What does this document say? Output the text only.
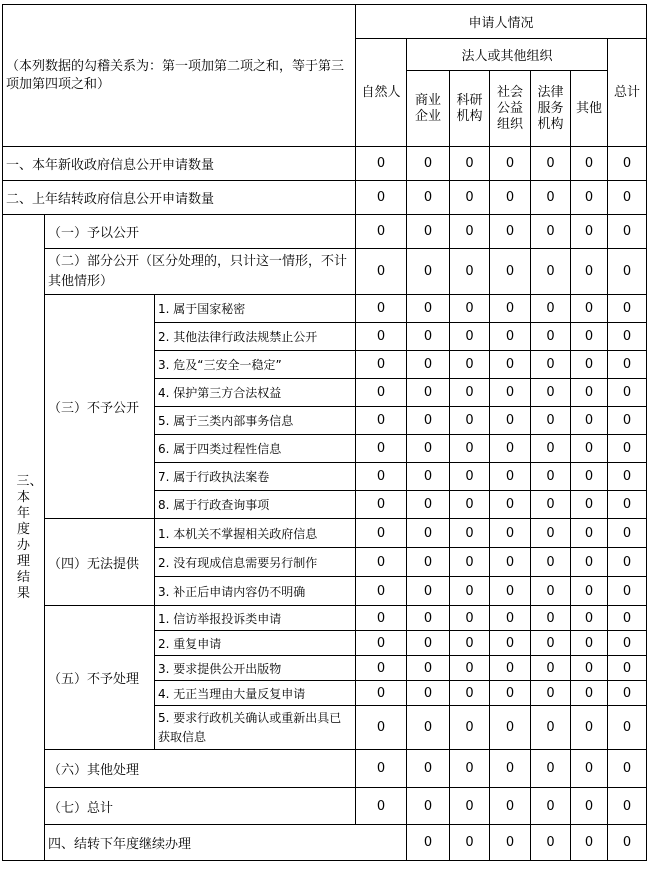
（本列数据的勾稽关系为：第一项加第二项之和，等于第三项加第四项之和）			申请人情况							
			自然人	法人或其他组织					总计	
				商业企业	科研机构	社会公益组织	法律服务机构	其他		

一、本年新收政府信息公开申请数量			0	0	0	0	0	0	0	
二、上年结转政府信息公开申请数量			0	0	0	0	0	0	0	
三、本年度办理结果	（一）予以公开		0	0	0	0	0	0	0	
	（二）部分公开（区分处理的，只计这一情形，不计其他情形）		0	0	0	0	0	0	0	
	（三）不予公开	1. 属于国家秘密	0	0	0	0	0	0	0	
		2. 其他法律行政法规禁止公开	0	0	0	0	0	0	0	
		3. 危及“三安全一稳定”	0	0	0	0	0	0	0	
		4. 保护第三方合法权益	0	0	0	0	0	0	0	
		5. 属于三类内部事务信息	0	0	0	0	0	0	0	
		6. 属于四类过程性信息	0	0	0	0	0	0	0	
		7. 属于行政执法案卷	0	0	0	0	0	0	0	
		8. 属于行政查询事项	0	0	0	0	0	0	0	
	（四）无法提供	1. 本机关不掌握相关政府信息	0	0	0	0	0	0	0	
		2. 没有现成信息需要另行制作	0	0	0	0	0	0	0	
		3. 补正后申请内容仍不明确	0	0	0	0	0	0	0	
	（五）不予处理	1. 信访举报投诉类申请	0	0	0	0	0	0	0	
		2. 重复申请	0	0	0	0	0	0	0	
		3. 要求提供公开出版物	0	0	0	0	0	0	0	
		4. 无正当理由大量反复申请	0	0	0	0	0	0	0	
		5. 要求行政机关确认或重新出具已获取信息	0	0	0	0	0	0	0	
	（六）其他处理		0	0	0	0	0	0	0	
	（七）总计		0	0	0	0	0	0	0	
	四、结转下年度继续办理			0	0	0	0	0	0	
